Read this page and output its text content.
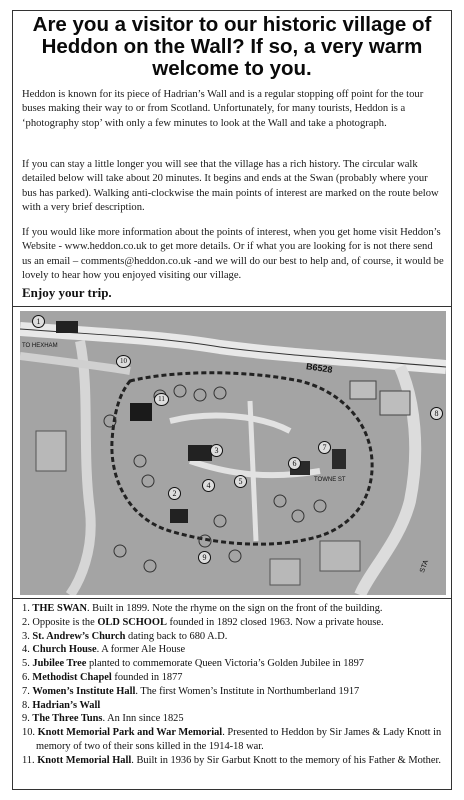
Are you a visitor to our historic village of
Heddon on the Wall? If so, a very warm
welcome to you.
Heddon is known for its piece of Hadrian’s Wall and is a regular stopping off point for the tour buses making their way to or from Scotland. Unfortunately, for many tourists, Heddon is a ‘photography stop’ with only a few minutes to look at the Wall and take a photograph.
If you can stay a little longer you will see that the village has a rich history. The circular walk detailed below will take about 20 minutes. It begins and ends at the Swan (probably where your bus has parked). Walking anti-clockwise the main points of interest are marked on the route below with a very brief description.
If you would like more information about the points of interest, when you get home visit Heddon’s Website - www.heddon.co.uk to get more details. Or if what you are looking for is not there send us an email – comments@heddon.co.uk -and we will do our best to help and, of course, it would be lovely to hear how you enjoyed visiting our village.
Enjoy your trip.
B6528
TO HEXHAM
TOWNE ST
STA
1
2
3
4	5
6
7
8
9
10
11
1. THE SWAN. Built in 1899. Note the rhyme on the sign on the front of the building.
2. Opposite is the OLD SCHOOL founded in 1892 closed 1963. Now a private house.
3. St. Andrew’s Church dating back to 680 A.D.
4. Church House. A former Ale House
5. Jubilee Tree planted to commemorate Queen Victoria’s Golden Jubilee in 1897
6. Methodist Chapel founded in 1877
7. Women’s Institute Hall. The first Women’s Institute in Northumberland 1917
8. Hadrian’s Wall
9. The Three Tuns. An Inn since 1825
10. Knott Memorial Park and War Memorial. Presented to Heddon by Sir James & Lady Knott in memory of two of their sons killed in the 1914-18 war.
11. Knott Memorial Hall. Built in 1936 by Sir Garbut Knott to the memory of his Father & Mother.
